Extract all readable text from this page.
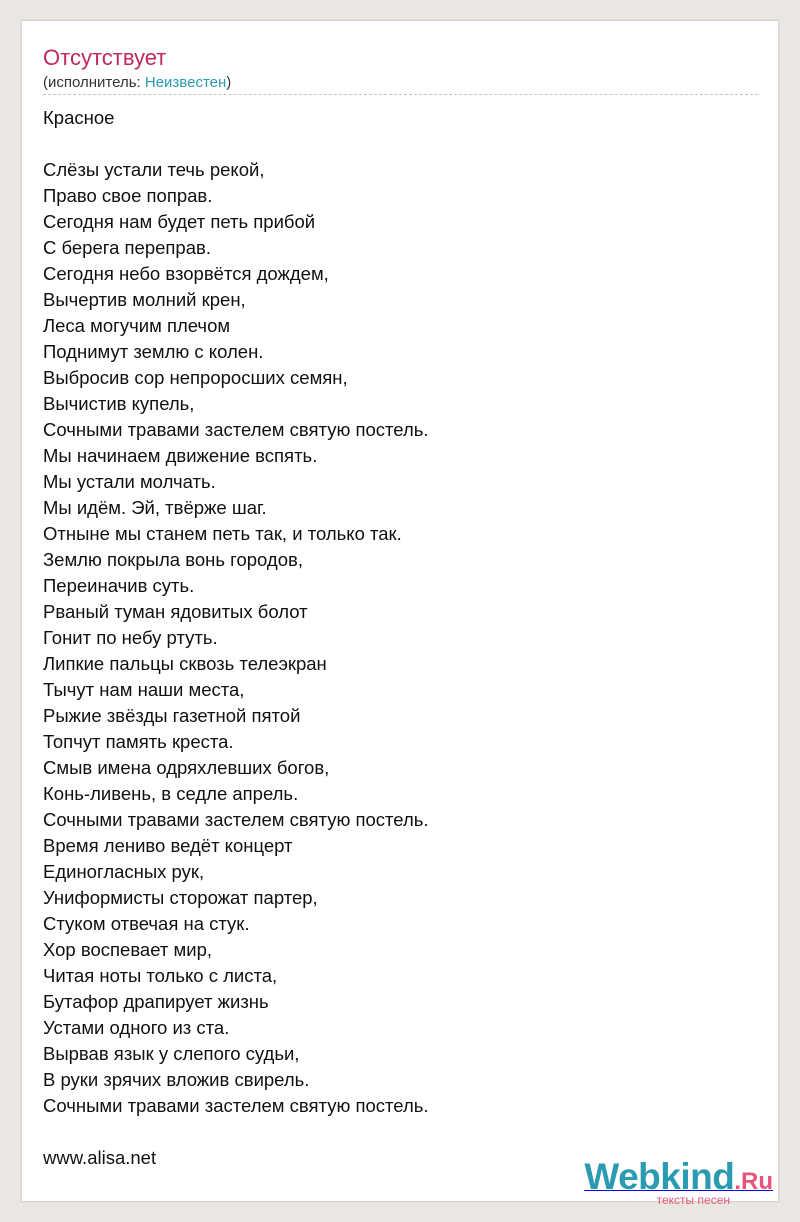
Отсутствует
(исполнитель: Неизвестен)
Красное
Слёзы устали течь рекой,
Право свое поправ.
Сегодня нам будет петь прибой
С берега переправ.
Сегодня небо взорвётся дождем,
Вычертив молний крен,
Леса могучим плечом
Поднимут землю с колен.
Выбросив сор непроросших семян,
Вычистив купель,
Сочными травами застелем святую постель.
Мы начинаем движение вспять.
Мы устали молчать.
Мы идём. Эй, твёрже шаг.
Отныне мы станем петь так, и только так.
Землю покрыла вонь городов,
Переиначив суть.
Рваный туман ядовитых болот
Гонит по небу ртуть.
Липкие пальцы сквозь телеэкран
Тычут нам наши места,
Рыжие звёзды газетной пятой
Топчут память креста.
Смыв имена одряхлевших богов,
Конь-ливень, в седле апрель.
Сочными травами застелем святую постель.
Время лениво ведёт концерт
Единогласных рук,
Униформисты сторожат партер,
Стуком отвечая на стук.
Хор воспевает мир,
Читая ноты только с листа,
Бутафор драпирует жизнь
Устами одного из ста.
Вырвав язык у слепого судьи,
В руки зрячих вложив свирель.
Сочными травами застелем святую постель.
www.alisa.net	Webkind.Ru
тексты песен
